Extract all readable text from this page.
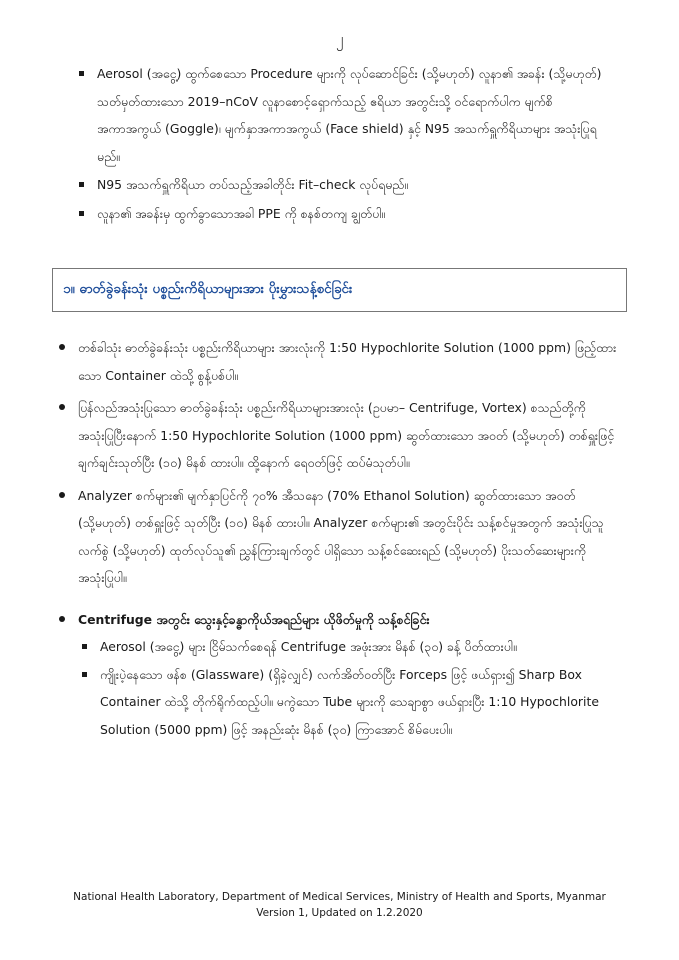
၂
Aerosol (အငွေ့) ထွက်စေသော Procedure များကို လုပ်ဆောင်ခြင်း (သို့မဟုတ်) လူနာ၏ အခန်း (သို့မဟုတ်) သတ်မှတ်ထားသော 2019–nCoV လူနာစောင့်ရှောက်သည့် ဧရိယာ အတွင်းသို့ ဝင်ရောက်ပါက မျက်စိအကာအကွယ် (Goggle)၊ မျက်နှာအကာအကွယ် (Face shield) နှင့် N95 အသက်ရှူကိရိယာများ အသုံးပြုရမည်။
N95 အသက်ရှူကိရိယာ တပ်သည့်အခါတိုင်း Fit–check လုပ်ရမည်။
လူနာ၏ အခန်းမှ ထွက်ခွာသောအခါ PPE ကို စနစ်တကျ ချွတ်ပါ။
၁။ ဓာတ်ခွဲခန်းသုံး ပစ္စည်းကိရိယာများအား ပိုးမွှားသန့်စင်ခြင်း
တစ်ခါသုံး ဓာတ်ခွဲခန်းသုံး ပစ္စည်းကိရိယာများ အားလုံးကို 1:50 Hypochlorite Solution (1000 ppm) ဖြည့်ထားသော Container ထဲသို့ စွန့်ပစ်ပါ။
ပြန်လည်အသုံးပြုသော ဓာတ်ခွဲခန်းသုံး ပစ္စည်းကိရိယာများအားလုံး (ဥပမာ– Centrifuge, Vortex) စသည်တို့ကို အသုံးပြုပြီးနောက် 1:50 Hypochlorite Solution (1000 ppm) ဆွတ်ထားသော အဝတ် (သို့မဟုတ်) တစ်ရှူးဖြင့် ချက်ချင်းသုတ်ပြီး (၁၀) မိနစ် ထားပါ။ ထို့နောက် ရေဝတ်ဖြင့် ထပ်မံသုတ်ပါ။
Analyzer စက်များ၏ မျက်နှာပြင်ကို ၇၀% အီသနော (70% Ethanol Solution) ဆွတ်ထားသော အဝတ် (သို့မဟုတ်) တစ်ရှူးဖြင့် သုတ်ပြီး (၁၀) မိနစ် ထားပါ။ Analyzer စက်များ၏ အတွင်းပိုင်း သန့်စင်မှုအတွက် အသုံးပြုသူလက်စွဲ (သို့မဟုတ်) ထုတ်လုပ်သူ၏ ညွှန်ကြားချက်တွင် ပါရှိသော သန့်စင်ဆေးရည် (သို့မဟုတ်) ပိုးသတ်ဆေးများကို အသုံးပြုပါ။
Centrifuge အတွင်း သွေးနှင့်ခန္ဓာကိုယ်အရည်များ ယိုဖိတ်မှုကို သန့်စင်ခြင်း
Aerosol (အငွေ့) များ ငြိမ်သက်စေရန် Centrifuge အဖုံးအား မိနစ် (၃၀) ခန့် ပိတ်ထားပါ။
ကျိုးပဲ့နေသော ဖန်စ (Glassware) (ရှိခဲ့လျှင်) လက်အိတ်ဝတ်ပြီး Forceps ဖြင့် ဖယ်ရှား၍ Sharp Box Container ထဲသို့ တိုက်ရိုက်ထည့်ပါ။ မကွဲသော Tube များကို သေချာစွာ ဖယ်ရှားပြီး 1:10 Hypochlorite Solution (5000 ppm) ဖြင့် အနည်းဆုံး မိနစ် (၃၀) ကြာအောင် စိမ်ပေးပါ။
National Health Laboratory, Department of Medical Services, Ministry of Health and Sports, Myanmar
Version 1, Updated on 1.2.2020
